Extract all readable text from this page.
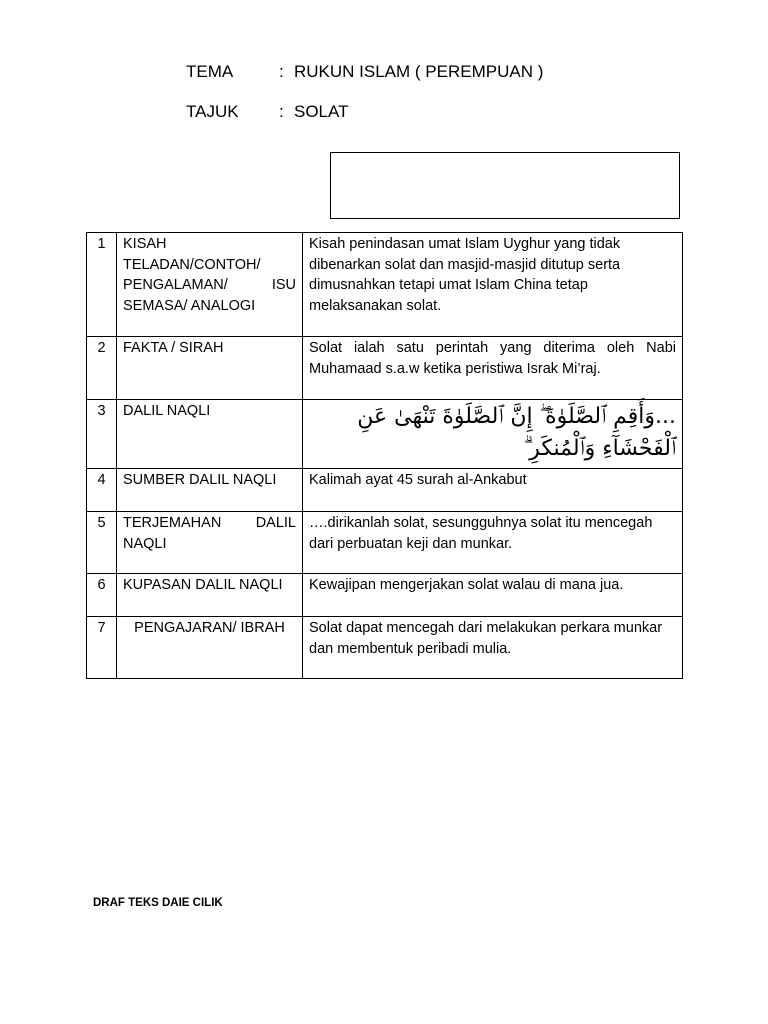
TEMA	: RUKUN ISLAM ( PEREMPUAN )
TAJUK : SOLAT
1	KISAH TELADAN/CONTOH/ PENGALAMAN/ ISU SEMASA/ ANALOGI	Kisah penindasan umat Islam Uyghur yang tidak dibenarkan solat dan masjid-masjid ditutup serta dimusnahkan tetapi umat Islam China tetap melaksanakan solat.
2	FAKTA / SIRAH	Solat ialah satu perintah yang diterima oleh Nabi Muhamaad s.a.w ketika peristiwa Israk Mi’raj.
3	DALIL NAQLI	...وَأَقِمِ ٱلصَّلَوٰةَ ۖ إِنَّ ٱلصَّلَوٰةَ تَنْهَىٰ عَنِ ٱلْفَحْشَآءِ وَٱلْمُنكَرِ ۗ
4	SUMBER DALIL NAQLI	Kalimah ayat 45 surah al-Ankabut
5	TERJEMAHAN DALIL NAQLI	….dirikanlah solat, sesungguhnya solat itu mencegah dari perbuatan keji dan munkar.
6	KUPASAN DALIL NAQLI	Kewajipan mengerjakan solat walau di mana jua.
7	PENGAJARAN/ IBRAH	Solat dapat mencegah dari melakukan perkara munkar dan membentuk peribadi mulia.
DRAF TEKS DAIE CILIK
